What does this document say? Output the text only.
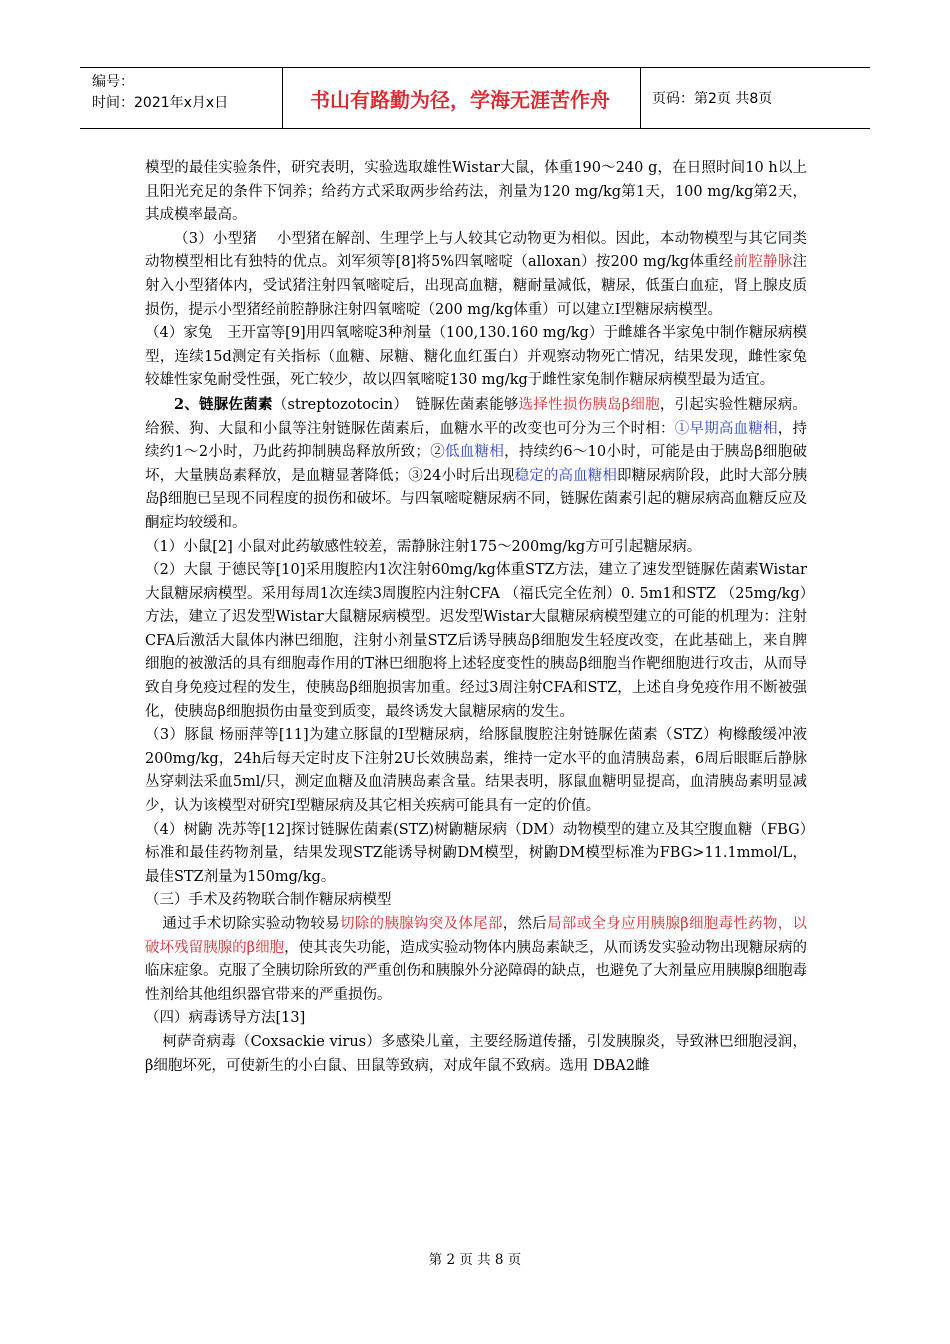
编号：
时间：2021年x月x日	书山有路勤为径，学海无涯苦作舟	页码：第2页 共8页

模型的最佳实验条件，研究表明，实验选取雄性Wistar大鼠，体重190～240 g，在日照时间10 h以上且阳光充足的条件下饲养；给药方式采取两步给药法，剂量为120 mg/kg第1天，100 mg/kg第2天，其成模率最高。

（3）小型猪　 小型猪在解剖、生理学上与人较其它动物更为相似。因此，本动物模型与其它同类动物模型相比有独特的优点。刘军须等[8]将5%四氧嘧啶（alloxan）按200 mg/kg体重经前腔静脉注射入小型猪体内，受试猪注射四氧嘧啶后，出现高血糖，糖耐量减低，糖尿，低蛋白血症，肾上腺皮质损伤，提示小型猪经前腔静脉注射四氧嘧啶（200 mg/kg体重）可以建立Ⅰ型糖尿病模型。

（4）家兔　王开富等[9]用四氧嘧啶3种剂量（100,130.160 mg/kg）于雌雄各半家兔中制作糖尿病模型，连续15d测定有关指标（血糖、尿糖、糖化血红蛋白）并观察动物死亡情况，结果发现，雌性家兔较雄性家兔耐受性强，死亡较少，故以四氧嘧啶130 mg/kg于雌性家兔制作糖尿病模型最为适宜。

2、链脲佐菌素（streptozotocin）　链脲佐菌素能够选择性损伤胰岛β细胞，引起实验性糖尿病。给猴、狗、大鼠和小鼠等注射链脲佐菌素后，血糖水平的改变也可分为三个时相：①早期高血糖相，持续约1～2小时，乃此药抑制胰岛释放所致；②低血糖相，持续约6～10小时，可能是由于胰岛β细胞破坏，大量胰岛素释放，是血糖显著降低；③24小时后出现稳定的高血糖相即糖尿病阶段，此时大部分胰岛β细胞已呈现不同程度的损伤和破坏。与四氧嘧啶糖尿病不同，链脲佐菌素引起的糖尿病高血糖反应及酮症均较缓和。

（1）小鼠[2] 小鼠对此药敏感性较差，需静脉注射175～200mg/kg方可引起糖尿病。

（2）大鼠 于德民等[10]采用腹腔内1次注射60mg/kg体重STZ方法，建立了速发型链脲佐菌素Wistar大鼠糖尿病模型。采用每周1次连续3周腹腔内注射CFA （福氏完全佐剂）0. 5m1和STZ （25mg/kg）方法，建立了迟发型Wistar大鼠糖尿病模型。迟发型Wistar大鼠糖尿病模型建立的可能的机理为：注射CFA后激活大鼠体内淋巴细胞，注射小剂量STZ后诱导胰岛β细胞发生轻度改变，在此基础上，来自脾细胞的被激活的具有细胞毒作用的T淋巴细胞将上述轻度变性的胰岛β细胞当作靶细胞进行攻击，从而导致自身免疫过程的发生，使胰岛β细胞损害加重。经过3周注射CFA和STZ，上述自身免疫作用不断被强化，使胰岛β细胞损伤由量变到质变，最终诱发大鼠糖尿病的发生。

（3）豚鼠 杨丽萍等[11]为建立豚鼠的I型糖尿病，给豚鼠腹腔注射链脲佐菌素（STZ）枸橼酸缓冲液200mg/kg，24h后每天定时皮下注射2U长效胰岛素，维持一定水平的血清胰岛素，6周后眼眶后静脉丛穿刺法采血5ml/只，测定血糖及血清胰岛素含量。结果表明，豚鼠血糖明显提高，血清胰岛素明显减少，认为该模型对研究I型糖尿病及其它相关疾病可能具有一定的价值。

（4）树鼩 冼苏等[12]探讨链脲佐菌素(STZ)树鼩糖尿病（DM）动物模型的建立及其空腹血糖（FBG）标准和最佳药物剂量，结果发现STZ能诱导树鼩DM模型，树鼩DM模型标准为FBG>11.1mmol/L，最佳STZ剂量为150mg/kg。

（三）手术及药物联合制作糖尿病模型

通过手术切除实验动物较易切除的胰腺钩突及体尾部，然后局部或全身应用胰腺β细胞毒性药物，以破坏残留胰腺的β细胞，使其丧失功能，造成实验动物体内胰岛素缺乏，从而诱发实验动物出现糖尿病的临床症象。克服了全胰切除所致的严重创伤和胰腺外分泌障碍的缺点，也避免了大剂量应用胰腺β细胞毒性剂给其他组织器官带来的严重损伤。

（四）病毒诱导方法[13]

柯萨奇病毒（Coxsackie virus）多感染儿童，主要经肠道传播，引发胰腺炎，导致淋巴细胞浸润，β细胞坏死，可使新生的小白鼠、田鼠等致病，对成年鼠不致病。选用 DBA2雌

第 2 页 共 8 页
